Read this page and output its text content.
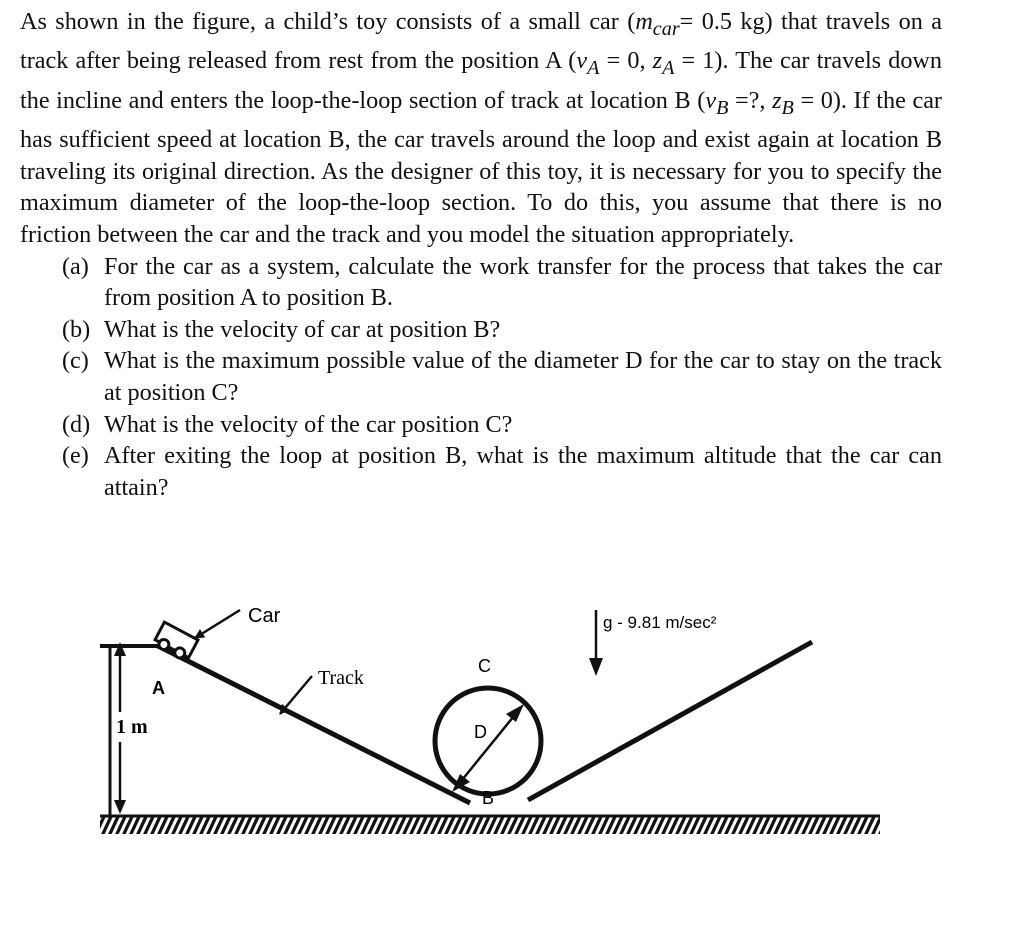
As shown in the figure, a child’s toy consists of a small car ($m_{car}= 0.5$ kg) that travels on a track after being released from rest from the position A ($v_A = 0$, $z_A = 1$). The car travels down the incline and enters the loop-the-loop section of track at location B ($v_B$ =?, $z_B = 0$). If the car has sufficient speed at location B, the car travels around the loop and exist again at location B traveling its original direction. As the designer of this toy, it is necessary for you to specify the maximum diameter of the loop-the-loop section. To do this, you assume that there is no friction between the car and the track and you model the situation appropriately.

(a) For the car as a system, calculate the work transfer for the process that takes the car from position A to position B.
(b) What is the velocity of car at position B?
(c) What is the maximum possible value of the diameter D for the car to stay on the track at position C?
(d) What is the velocity of the car position C?
(e) After exiting the loop at position B, what is the maximum altitude that the car can attain?
1 m
Car
A	Track
C
D
B
g - 9.81 m/sec²
